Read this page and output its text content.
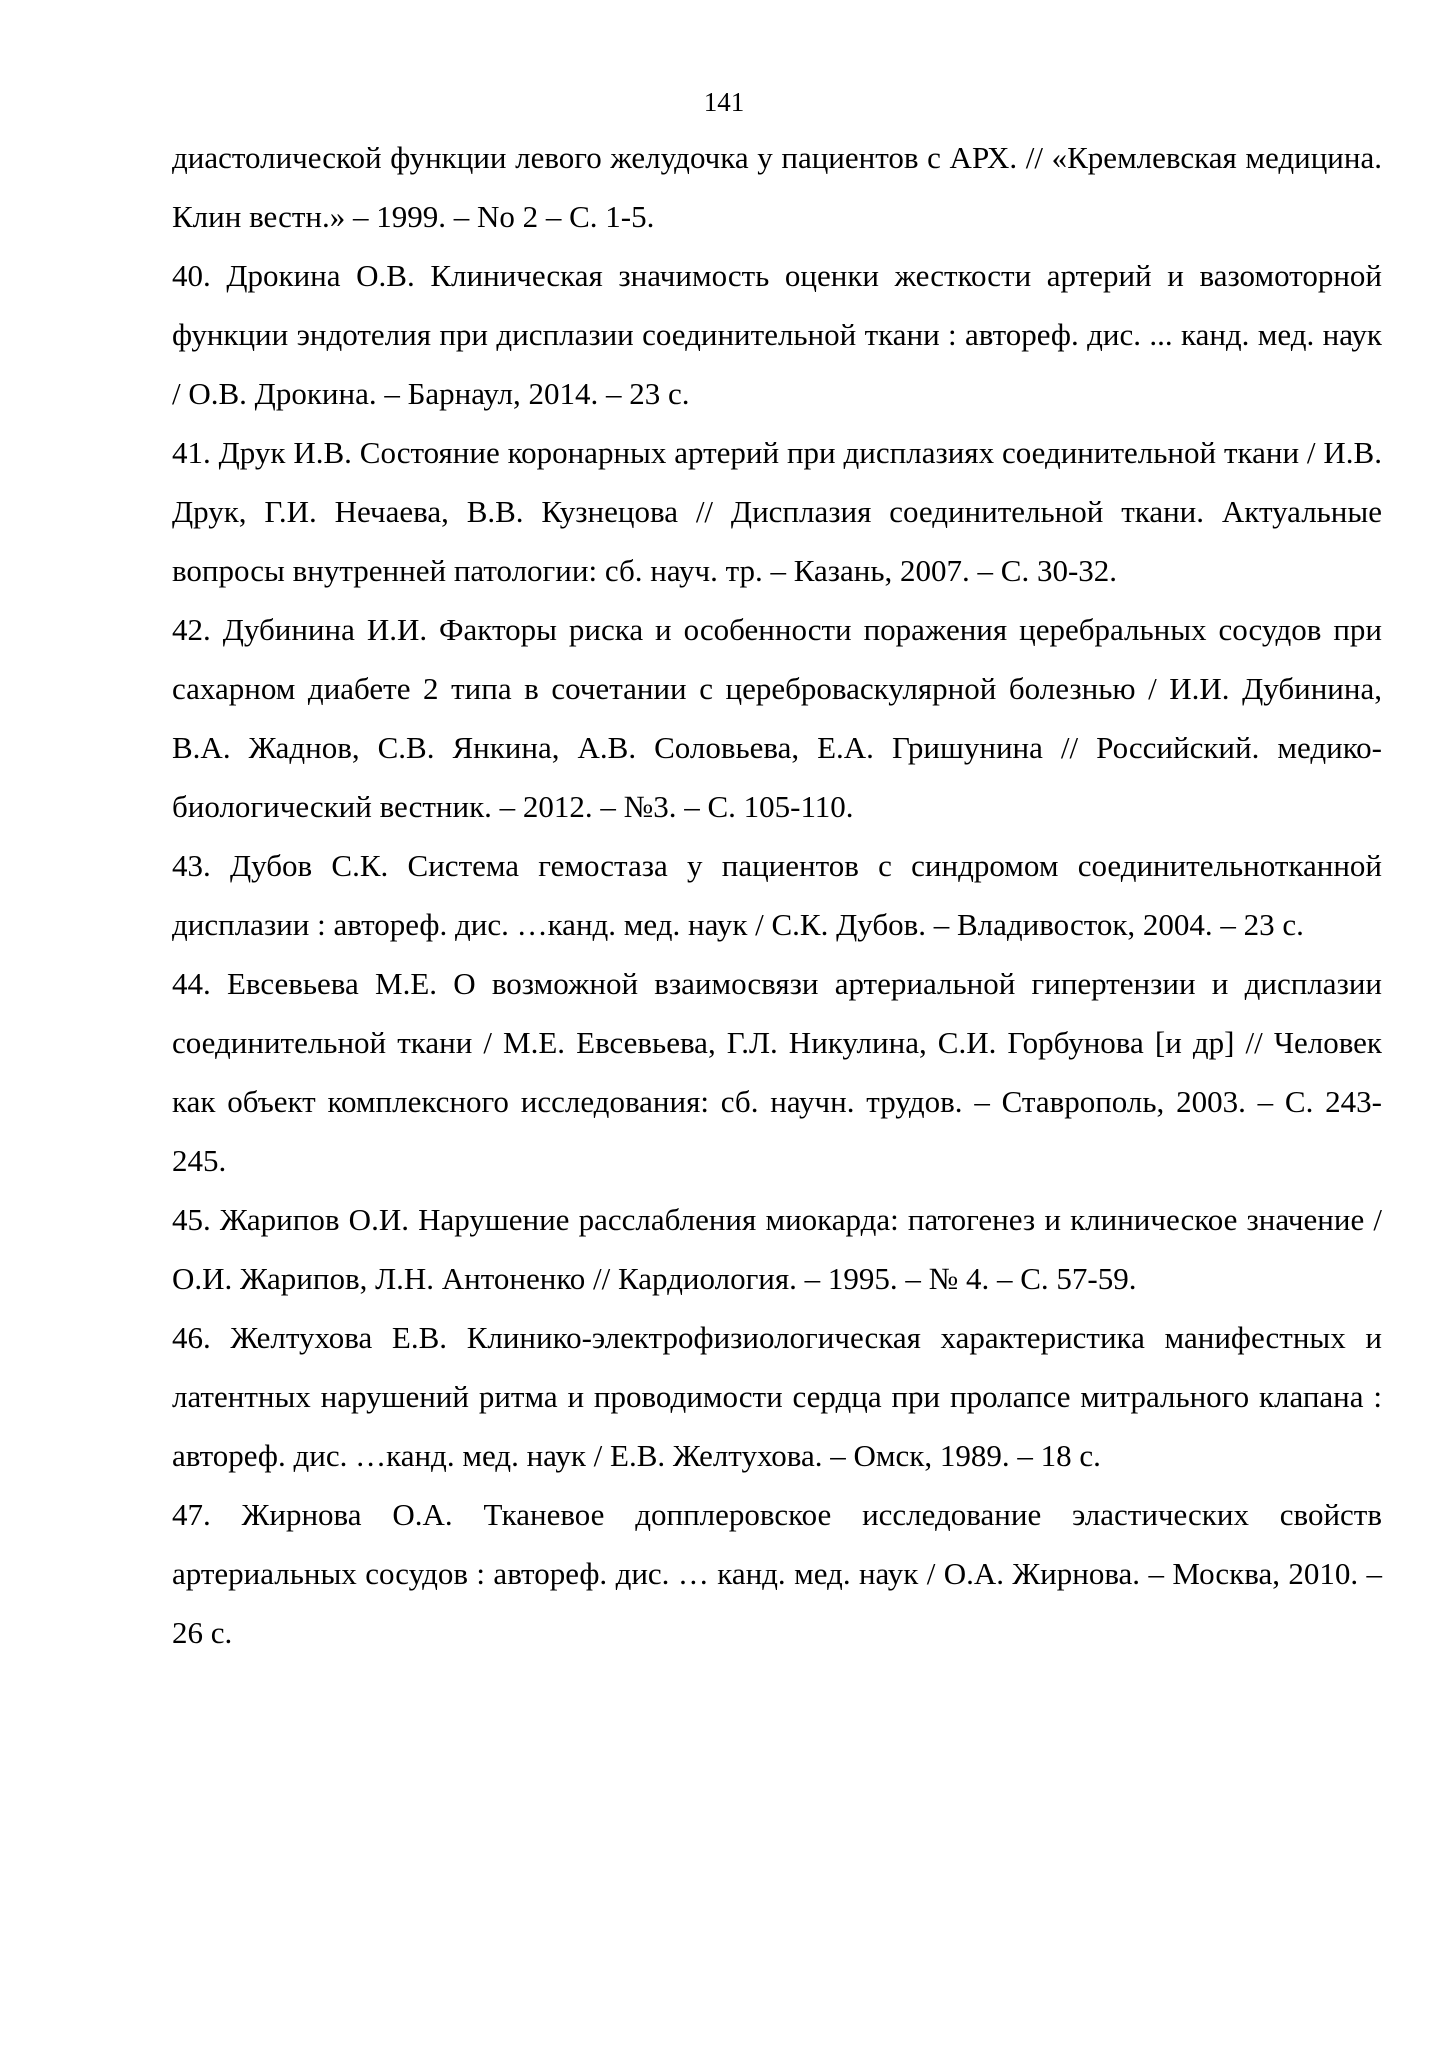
141

диастолической функции левого желудочка у пациентов с АРХ. // «Кремлевская медицина. Клин вестн.» – 1999. – No 2 – С. 1-5.

40. Дрокина О.В. Клиническая значимость оценки жесткости артерий и вазомоторной функции эндотелия при дисплазии соединительной ткани : автореф. дис. ... канд. мед. наук / О.В. Дрокина. – Барнаул, 2014. – 23 с.

41. Друк И.В. Состояние коронарных артерий при дисплазиях соединительной ткани / И.В. Друк, Г.И. Нечаева, В.В. Кузнецова // Дисплазия соединительной ткани. Актуальные вопросы внутренней патологии: сб. науч. тр. – Казань, 2007. – С. 30-32.

42. Дубинина И.И. Факторы риска и особенности поражения церебральных сосудов при сахарном диабете 2 типа в сочетании с цереброваскулярной болезнью / И.И. Дубинина, В.А. Жаднов, С.В. Янкина, А.В. Соловьева, Е.А. Гришунина // Российский. медико-биологический вестник. – 2012. – №3. – С. 105-110.

43. Дубов С.К. Система гемостаза у пациентов с синдромом соединительнотканной дисплазии : автореф. дис. …канд. мед. наук / С.К. Дубов. – Владивосток, 2004. – 23 с.

44. Евсевьева М.Е. О возможной взаимосвязи артериальной гипертензии и дисплазии соединительной ткани / М.Е. Евсевьева, Г.Л. Никулина, С.И. Горбунова [и др] // Человек как объект комплексного исследования: сб. научн. трудов. – Ставрополь, 2003. – С. 243-245.

45. Жарипов О.И. Нарушение расслабления миокарда: патогенез и клиническое значение / О.И. Жарипов, Л.Н. Антоненко // Кардиология. – 1995. – № 4. – С. 57-59.

46. Желтухова Е.В. Клинико-электрофизиологическая характеристика манифестных и латентных нарушений ритма и проводимости сердца при пролапсе митрального клапана : автореф. дис. …канд. мед. наук / Е.В. Желтухова. – Омск, 1989. – 18 с.

47. Жирнова О.А. Тканевое допплеровское исследование эластических свойств артериальных сосудов : автореф. дис. … канд. мед. наук / О.А. Жирнова. – Москва, 2010. – 26 с.
